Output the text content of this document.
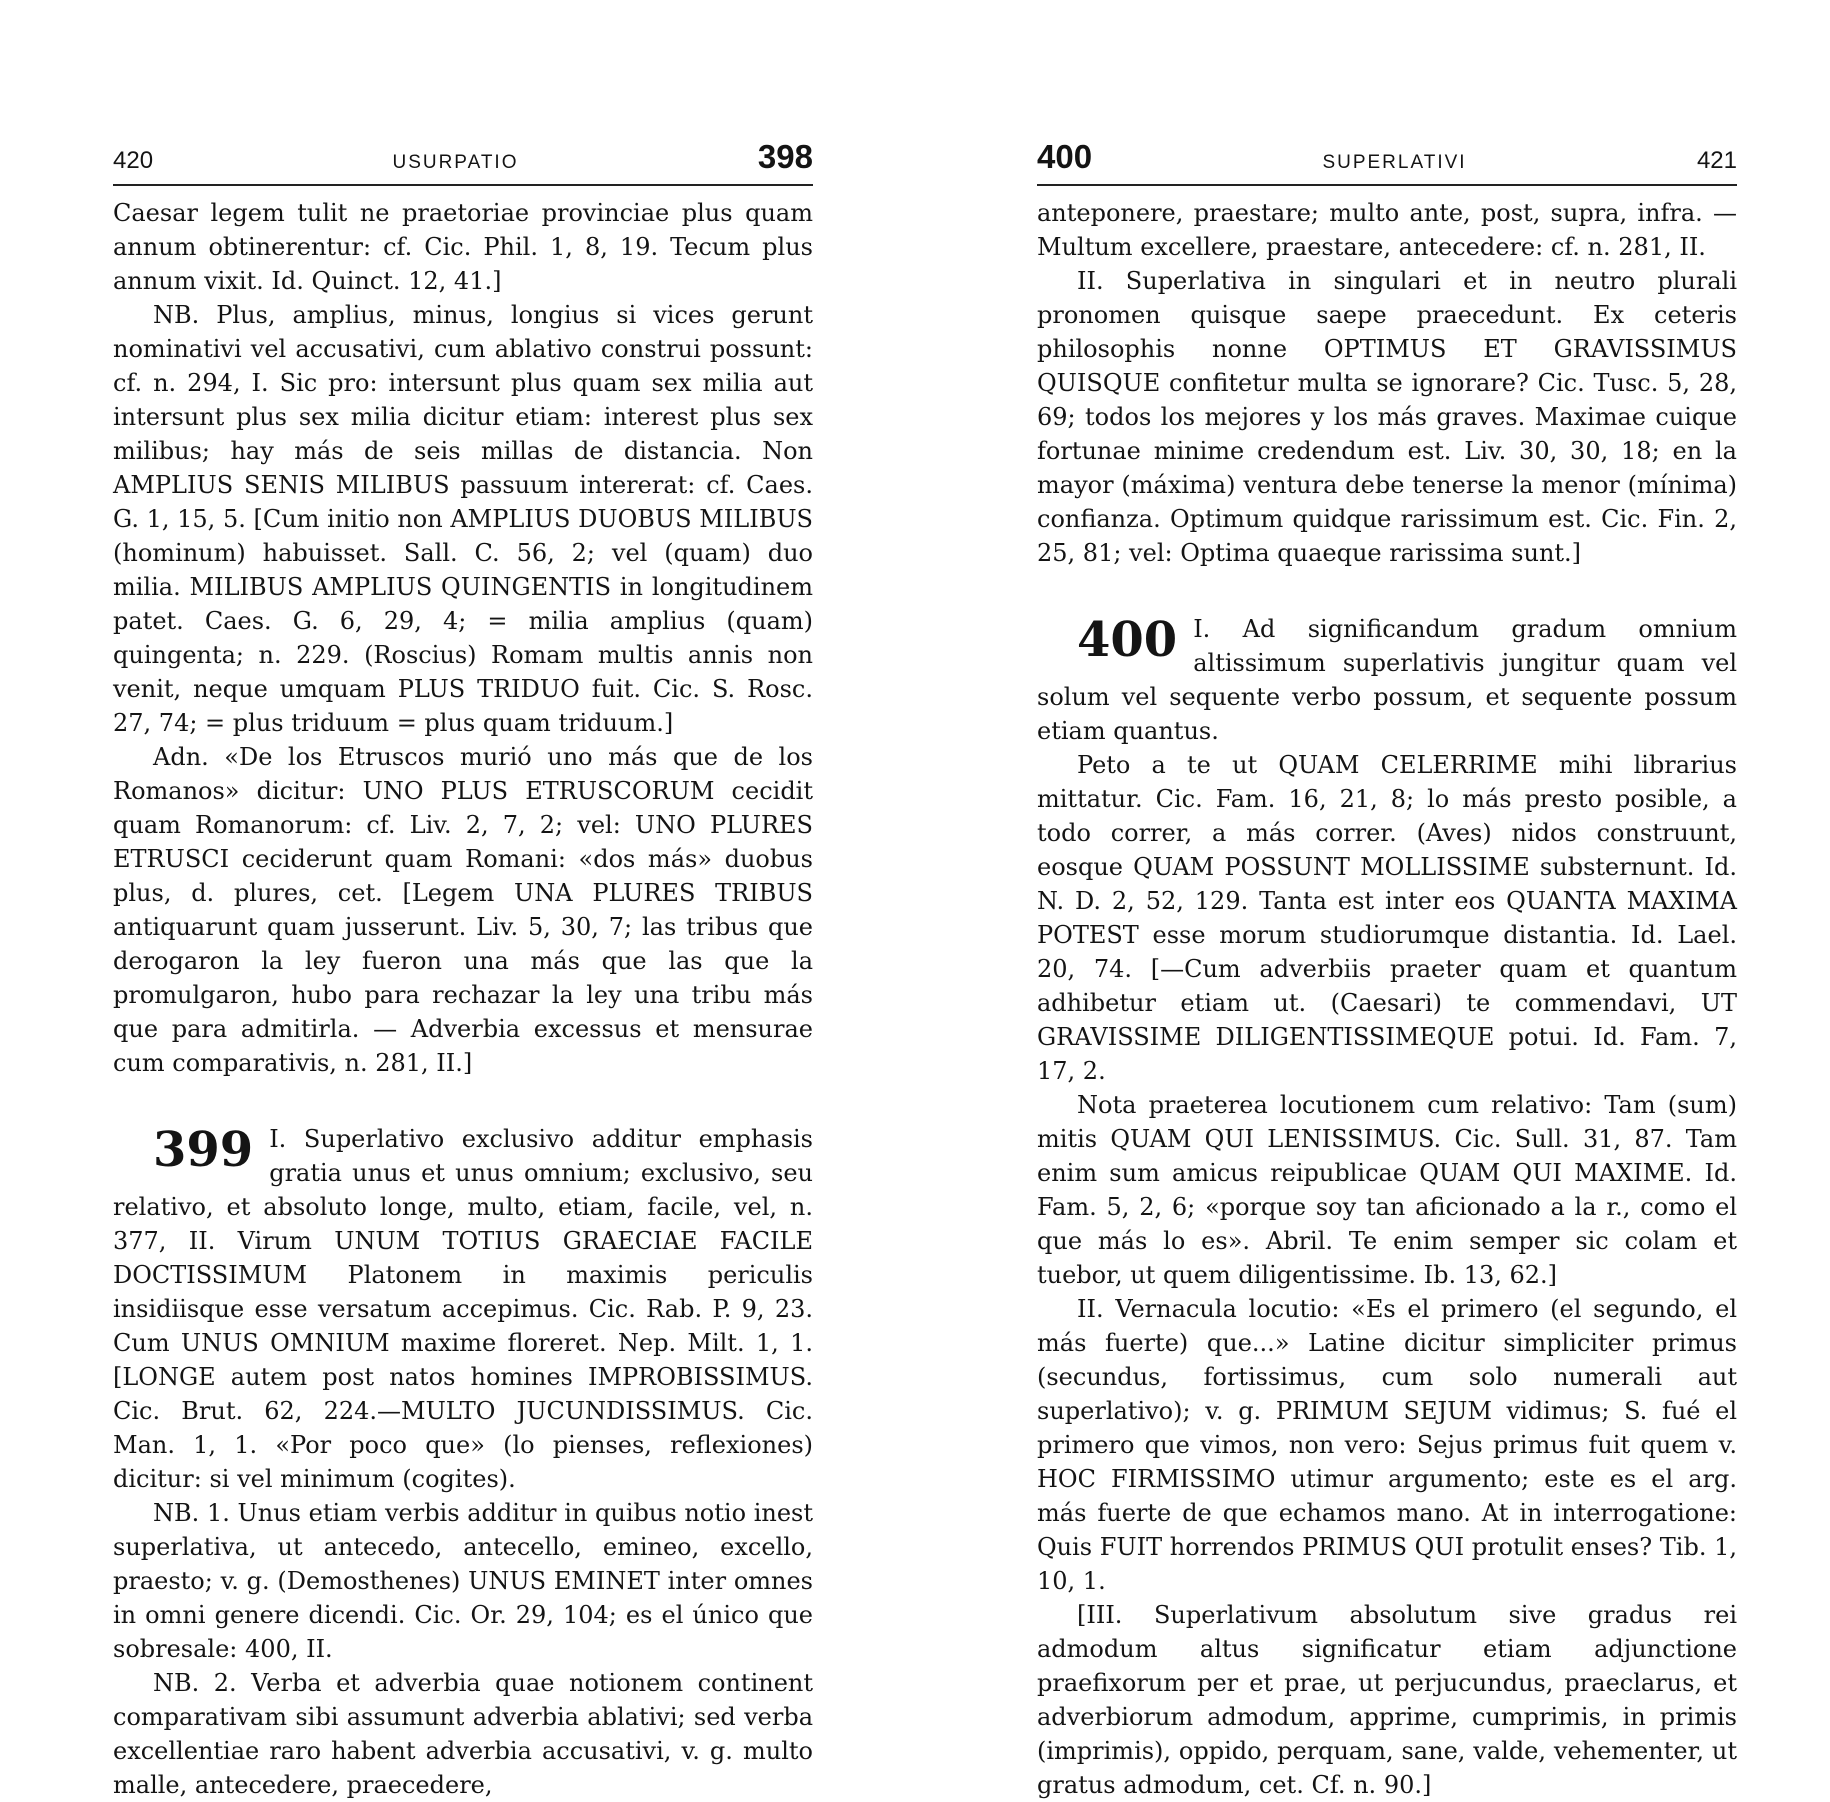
420	USURPATIO	398

Caesar legem tulit ne praetoriae provinciae plus quam annum obtinerentur: cf. Cic. Phil. 1, 8, 19. Tecum plus annum vixit. Id. Quinct. 12, 41.]

NB. Plus, amplius, minus, longius si vices gerunt nominativi vel accusativi, cum ablativo construi possunt: cf. n. 294, I. Sic pro: intersunt plus quam sex milia aut intersunt plus sex milia dicitur etiam: interest plus sex milibus; hay más de seis millas de distancia. Non AMPLIUS SENIS MILIBUS passuum intererat: cf. Caes. G. 1, 15, 5. [Cum initio non AMPLIUS DUOBUS MILIBUS (hominum) habuisset. Sall. C. 56, 2; vel (quam) duo milia. MILIBUS AMPLIUS QUINGENTIS in longitudinem patet. Caes. G. 6, 29, 4; = milia amplius (quam) quingenta; n. 229. (Roscius) Romam multis annis non venit, neque umquam PLUS TRIDUO fuit. Cic. S. Rosc. 27, 74; = plus triduum = plus quam triduum.]

Adn. «De los Etruscos murió uno más que de los Romanos» dicitur: UNO PLUS ETRUSCORUM cecidit quam Romanorum: cf. Liv. 2, 7, 2; vel: UNO PLURES ETRUSCI ceciderunt quam Romani: «dos más» duobus plus, d. plures, cet. [Legem UNA PLURES TRIBUS antiquarunt quam jusserunt. Liv. 5, 30, 7; las tribus que derogaron la ley fueron una más que las que la promulgaron, hubo para rechazar la ley una tribu más que para admitirla. — Adverbia excessus et mensurae cum comparativis, n. 281, II.]

399 I. Superlativo exclusivo additur emphasis gratia unus et unus omnium; exclusivo, seu relativo, et absoluto longe, multo, etiam, facile, vel, n. 377, II. Virum UNUM TOTIUS GRAECIAE FACILE DOCTISSIMUM Platonem in maximis periculis insidiisque esse versatum accepimus. Cic. Rab. P. 9, 23. Cum UNUS OMNIUM maxime floreret. Nep. Milt. 1, 1. [LONGE autem post natos homines IMPROBISSIMUS. Cic. Brut. 62, 224.—MULTO JUCUNDISSIMUS. Cic. Man. 1, 1. «Por poco que» (lo pienses, reflexiones) dicitur: si vel minimum (cogites).

NB. 1. Unus etiam verbis additur in quibus notio inest superlativa, ut antecedo, antecello, emineo, excello, praesto; v. g. (Demosthenes) UNUS EMINET inter omnes in omni genere dicendi. Cic. Or. 29, 104; es el único que sobresale: 400, II.

NB. 2. Verba et adverbia quae notionem continent comparativam sibi assumunt adverbia ablativi; sed verba excellentiae raro habent adverbia accusativi, v. g. multo malle, antecedere, praecedere,

400	SUPERLATIVI	421

anteponere, praestare; multo ante, post, supra, infra. — Multum excellere, praestare, antecedere: cf. n. 281, II.

II. Superlativa in singulari et in neutro plurali pronomen quisque saepe praecedunt. Ex ceteris philosophis nonne OPTIMUS ET GRAVISSIMUS QUISQUE confitetur multa se ignorare? Cic. Tusc. 5, 28, 69; todos los mejores y los más graves. Maximae cuique fortunae minime credendum est. Liv. 30, 30, 18; en la mayor (máxima) ventura debe tenerse la menor (mínima) confianza. Optimum quidque rarissimum est. Cic. Fin. 2, 25, 81; vel: Optima quaeque rarissima sunt.]

400 I. Ad significandum gradum omnium altissimum superlativis jungitur quam vel solum vel sequente verbo possum, et sequente possum etiam quantus.

Peto a te ut QUAM CELERRIME mihi librarius mittatur. Cic. Fam. 16, 21, 8; lo más presto posible, a todo correr, a más correr. (Aves) nidos construunt, eosque QUAM POSSUNT MOLLISSIME substernunt. Id. N. D. 2, 52, 129. Tanta est inter eos QUANTA MAXIMA POTEST esse morum studiorumque distantia. Id. Lael. 20, 74. [—Cum adverbiis praeter quam et quantum adhibetur etiam ut. (Caesari) te commendavi, UT GRAVISSIME DILIGENTISSIMEQUE potui. Id. Fam. 7, 17, 2.

Nota praeterea locutionem cum relativo: Tam (sum) mitis QUAM QUI LENISSIMUS. Cic. Sull. 31, 87. Tam enim sum amicus reipublicae QUAM QUI MAXIME. Id. Fam. 5, 2, 6; «porque soy tan aficionado a la r., como el que más lo es». Abril. Te enim semper sic colam et tuebor, ut quem diligentissime. Ib. 13, 62.]

II. Vernacula locutio: «Es el primero (el segundo, el más fuerte) que...» Latine dicitur simpliciter primus (secundus, fortissimus, cum solo numerali aut superlativo); v. g. PRIMUM SEJUM vidimus; S. fué el primero que vimos, non vero: Sejus primus fuit quem v. HOC FIRMISSIMO utimur argumento; este es el arg. más fuerte de que echamos mano. At in interrogatione: Quis FUIT horrendos PRIMUS QUI protulit enses? Tib. 1, 10, 1.

[III. Superlativum absolutum sive gradus rei admodum altus significatur etiam adjunctione praefixorum per et prae, ut perjucundus, praeclarus, et adverbiorum admodum, apprime, cumprimis, in primis (imprimis), oppido, perquam, sane, valde, vehementer, ut gratus admodum, cet. Cf. n. 90.]
